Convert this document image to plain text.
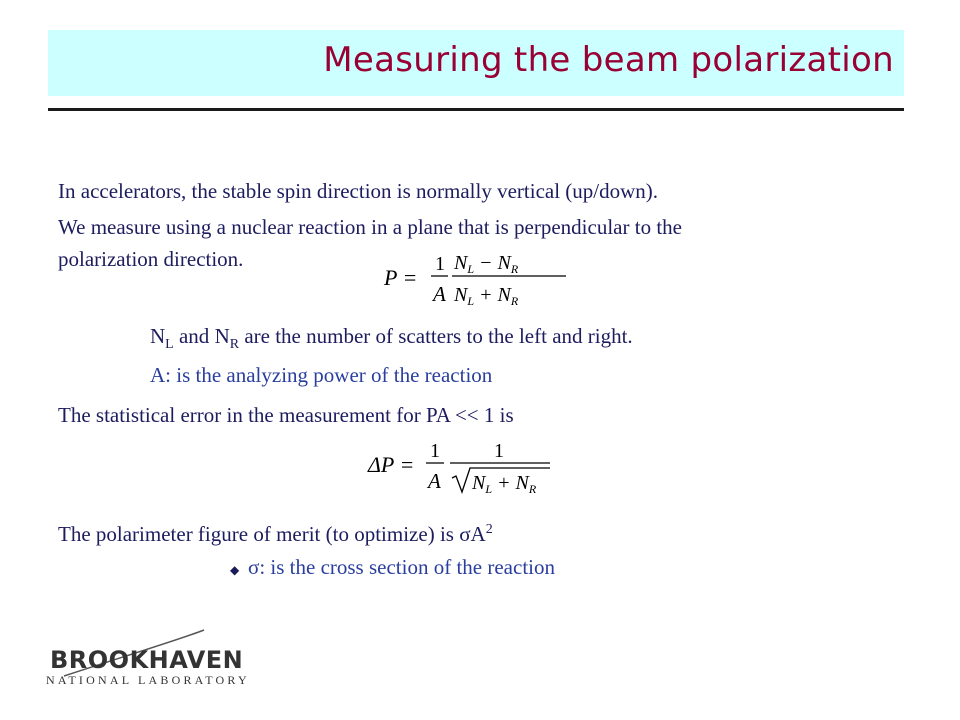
Measuring the beam polarization
In accelerators, the stable spin direction is normally vertical (up/down).
We measure using a nuclear reaction in a plane that is perpendicular to the
polarization direction.
P =
1
A
$N_L - N_R$
$N_L + N_R$
$N_L$ and $N_R$ are the number of scatters to the left and right.
A: is the analyzing power of the reaction
The statistical error in the measurement for PA << 1 is
ΔP =
1
A
1
$N_L + N_R$
The polarimeter figure of merit (to optimize) is $\sigma A^2$
◆ σ: is the cross section of the reaction
BROOKHAVEN
NATIONAL LABORATORY
